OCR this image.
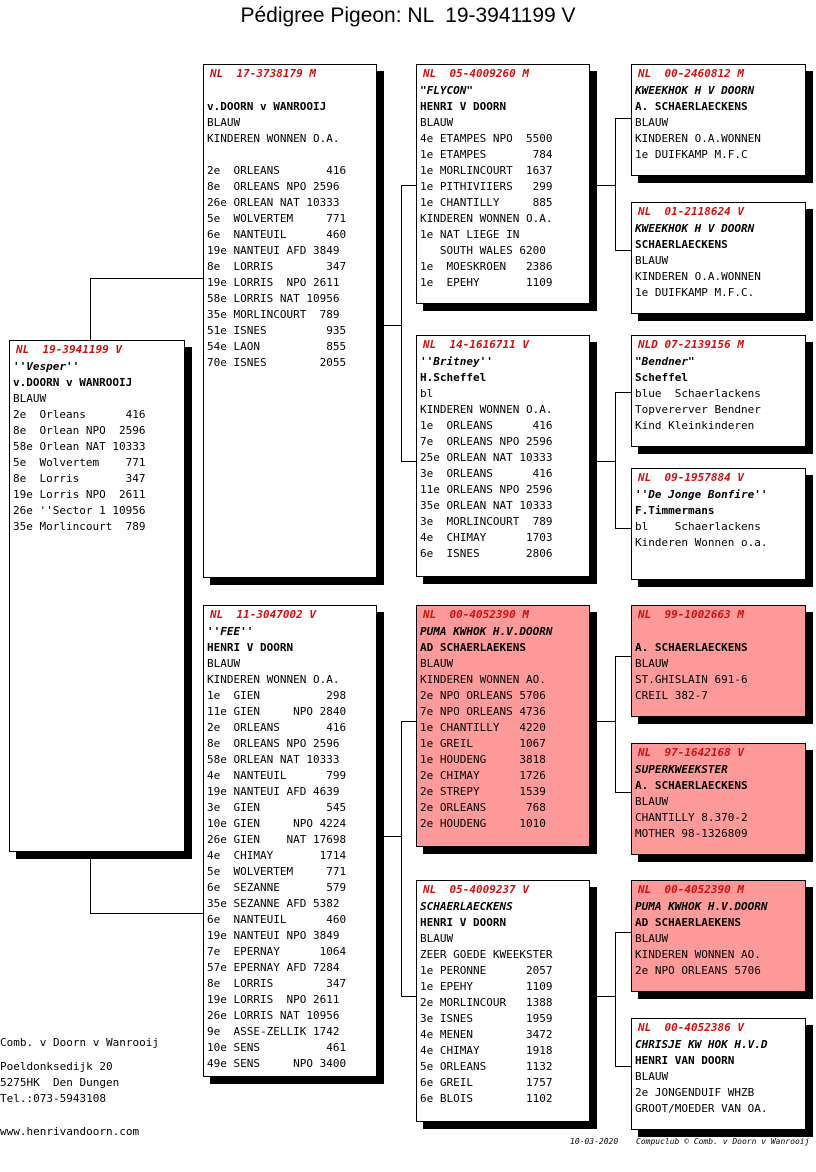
Pédigree Pigeon: NL  19-3941199 V
NL  19-3941199 V
''Vesper''
v.DOORN v WANROOIJ
BLAUW
2e  Orleans      416
8e  Orlean NPO  2596
58e Orlean NAT 10333
5e  Wolvertem    771
8e  Lorris       347
19e Lorris NPO  2611
26e ''Sector 1 10956
35e Morlincourt  789
NL  17-3738179 M
v.DOORN v WANROOIJ
BLAUW
KINDEREN WONNEN O.A.
2e  ORLEANS       416
8e  ORLEANS NPO 2596
26e ORLEAN NAT 10333
5e  WOLVERTEM     771
6e  NANTEUIL      460
19e NANTEUI AFD 3849
8e  LORRIS        347
19e LORRIS  NPO 2611
58e LORRIS NAT 10956
35e MORLINCOURT  789
51e ISNES         935
54e LAON          855
70e ISNES        2055
NL  11-3047002 V
''FEE''
HENRI V DOORN
BLAUW
KINDEREN WONNEN O.A.
1e  GIEN          298
11e GIEN     NPO 2840
2e  ORLEANS       416
8e  ORLEANS NPO 2596
58e ORLEAN NAT 10333
4e  NANTEUIL      799
19e NANTEUI AFD 4639
3e  GIEN          545
10e GIEN     NPO 4224
26e GIEN    NAT 17698
4e  CHIMAY       1714
5e  WOLVERTEM     771
6e  SEZANNE       579
35e SEZANNE AFD 5382
6e  NANTEUIL      460
19e NANTEUI NPO 3849
7e  EPERNAY      1064
57e EPERNAY AFD 7284
8e  LORRIS        347
19e LORRIS  NPO 2611
26e LORRIS NAT 10956
9e  ASSE-ZELLIK 1742
10e SENS          461
49e SENS     NPO 3400
NL  05-4009260 M
"FLYCON"
HENRI V DOORN
BLAUW
4e ETAMPES NPO  5500
1e ETAMPES       784
1e MORLINCOURT  1637
1e PITHIVIIERS   299
1e CHANTILLY     885
KINDEREN WONNEN O.A.
1e NAT LIEGE IN
SOUTH WALES 6200
1e  MOESKROEN   2386
1e  EPEHY       1109
NL  14-1616711 V
''Britney''
H.Scheffel
bl
KINDEREN WONNEN O.A.
1e  ORLEANS      416
7e  ORLEANS NPO 2596
25e ORLEAN NAT 10333
3e  ORLEANS      416
11e ORLEANS NPO 2596
35e ORLEAN NAT 10333
3e  MORLINCOURT  789
4e  CHIMAY      1703
6e  ISNES       2806
NL  00-4052390 M
PUMA KWHOK H.V.DOORN
AD SCHAERLAEKENS
BLAUW
KINDEREN WONNEN AO.
2e NPO ORLEANS 5706
7e NPO ORLEANS 4736
1e CHANTILLY   4220
1e GREIL       1067
1e HOUDENG     3818
2e CHIMAY      1726
2e STREPY      1539
2e ORLEANS      768
2e HOUDENG     1010
NL  05-4009237 V
SCHAERLAECKENS
HENRI V DOORN
BLAUW
ZEER GOEDE KWEEKSTER
1e PERONNE      2057
1e EPEHY        1109
2e MORLINCOUR   1388
3e ISNES        1959
4e MENEN        3472
4e CHIMAY       1918
5e ORLEANS      1132
6e GREIL        1757
6e BLOIS        1102
NL  00-2460812 M
KWEEKHOK H V DOORN
A. SCHAERLAECKENS
BLAUW
KINDEREN O.A.WONNEN
1e DUIFKAMP M.F.C
NL  01-2118624 V
KWEEKHOK H V DOORN
SCHAERLAECKENS
BLAUW
KINDEREN O.A.WONNEN
1e DUIFKAMP M.F.C.
NLD 07-2139156 M
"Bendner"
Scheffel
blue  Schaerlackens
Topvererver Bendner
Kind Kleinkinderen
NL  09-1957884 V
''De Jonge Bonfire''
F.Timmermans
bl    Schaerlackens
Kinderen Wonnen o.a.
NL  99-1002663 M
A. SCHAERLAECKENS
BLAUW
ST.GHISLAIN 691-6
CREIL 382-7
NL  97-1642168 V
SUPERKWEEKSTER
A. SCHAERLAECKENS
BLAUW
CHANTILLY 8.370-2
MOTHER 98-1326809
NL  00-4052390 M
PUMA KWHOK H.V.DOORN
AD SCHAERLAEKENS
BLAUW
KINDEREN WONNEN AO.
2e NPO ORLEANS 5706
NL  00-4052386 V
CHRISJE KW HOK H.V.D
HENRI VAN DOORN
BLAUW
2e JONGENDUIF WHZB
GROOT/MOEDER VAN OA.
Comb. v Doorn v Wanrooij
Poeldonksedijk 20
5275HK  Den Dungen
Tel.:073-5943108
www.henrivandoorn.com
10-03-2020 Compuclub © Comb. v Doorn v Wanrooij
